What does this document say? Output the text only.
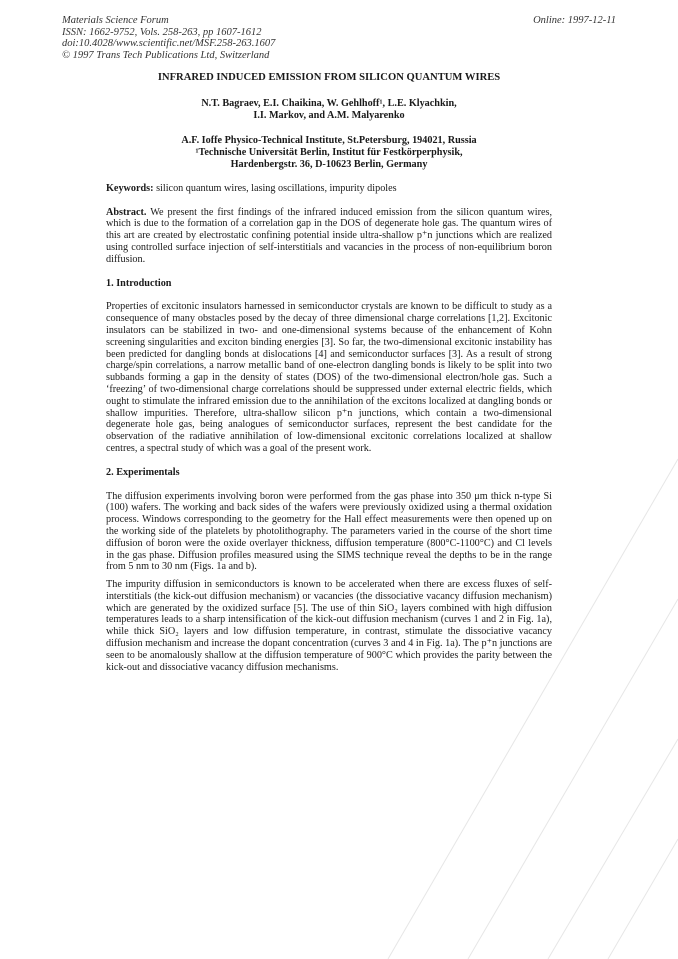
Materials Science Forum
ISSN: 1662-9752, Vols. 258-263, pp 1607-1612
doi:10.4028/www.scientific.net/MSF.258-263.1607
© 1997 Trans Tech Publications Ltd, Switzerland
Online: 1997-12-11
INFRARED INDUCED EMISSION FROM SILICON QUANTUM WIRES
N.T. Bagraev, E.I. Chaikina, W. Gehlhoff¹, L.E. Klyachkin,
I.I. Markov, and A.M. Malyarenko
A.F. Ioffe Physico-Technical Institute, St.Petersburg, 194021, Russia
¹Technische Universität Berlin, Institut für Festkörperphysik,
Hardenbergstr. 36, D-10623 Berlin, Germany
Keywords: silicon quantum wires, lasing oscillations, impurity dipoles

Abstract. We present the first findings of the infrared induced emission from the silicon quantum wires, which is due to the formation of a correlation gap in the DOS of degenerate hole gas. The quantum wires of this art are created by electrostatic confining potential inside ultra-shallow p⁺n junctions which are realized using controlled surface injection of self-interstitials and vacancies in the process of non-equilibrium boron diffusion.

1. Introduction

Properties of excitonic insulators harnessed in semiconductor crystals are known to be difficult to study as a consequence of many obstacles posed by the decay of three dimensional charge correlations [1,2]. Excitonic insulators can be stabilized in two- and one-dimensional systems because of the enhancement of Kohn screening singularities and exciton binding energies [3]. So far, the two-dimensional excitonic instability has been predicted for dangling bonds at dislocations [4] and semiconductor surfaces [3]. As a result of strong charge/spin correlations, a narrow metallic band of one-electron dangling bonds is likely to be split into two subbands forming a gap in the density of states (DOS) of the two-dimensional electron/hole gas. Such a ‘freezing’ of two-dimensional charge correlations should be suppressed under external electric fields, which ought to stimulate the infrared emission due to the annihilation of the excitons localized at dangling bonds or shallow impurities. Therefore, ultra-shallow silicon p⁺n junctions, which contain a two-dimensional degenerate hole gas, being analogues of semiconductor surfaces, represent the best candidate for the observation of the radiative annihilation of low-dimensional excitonic correlations localized at shallow centres, a spectral study of which was a goal of the present work.

2. Experimentals

The diffusion experiments involving boron were performed from the gas phase into 350 μm thick n-type Si (100) wafers. The working and back sides of the wafers were previously oxidized using a thermal oxidation process. Windows corresponding to the geometry for the Hall effect measurements were then opened up on the working side of the platelets by photolithography. The parameters varied in the course of the short time diffusion of boron were the oxide overlayer thickness, diffusion temperature (800°C-1100°C) and Cl levels in the gas phase. Diffusion profiles measured using the SIMS technique reveal the depths to be in the range from 5 nm to 30 nm (Figs. 1a and b).

The impurity diffusion in semiconductors is known to be accelerated when there are excess fluxes of self-interstitials (the kick-out diffusion mechanism) or vacancies (the dissociative vacancy diffusion mechanism) which are generated by the oxidized surface [5]. The use of thin SiO₂ layers combined with high diffusion temperatures leads to a sharp intensification of the kick-out diffusion mechanism (curves 1 and 2 in Fig. 1a), while thick SiO₂ layers and low diffusion temperature, in contrast, stimulate the dissociative vacancy diffusion mechanism and increase the dopant concentration (curves 3 and 4 in Fig. 1a). The p⁺n junctions are seen to be anomalously shallow at the diffusion temperature of 900°C which provides the parity between the kick-out and dissociative vacancy diffusion mechanisms.
